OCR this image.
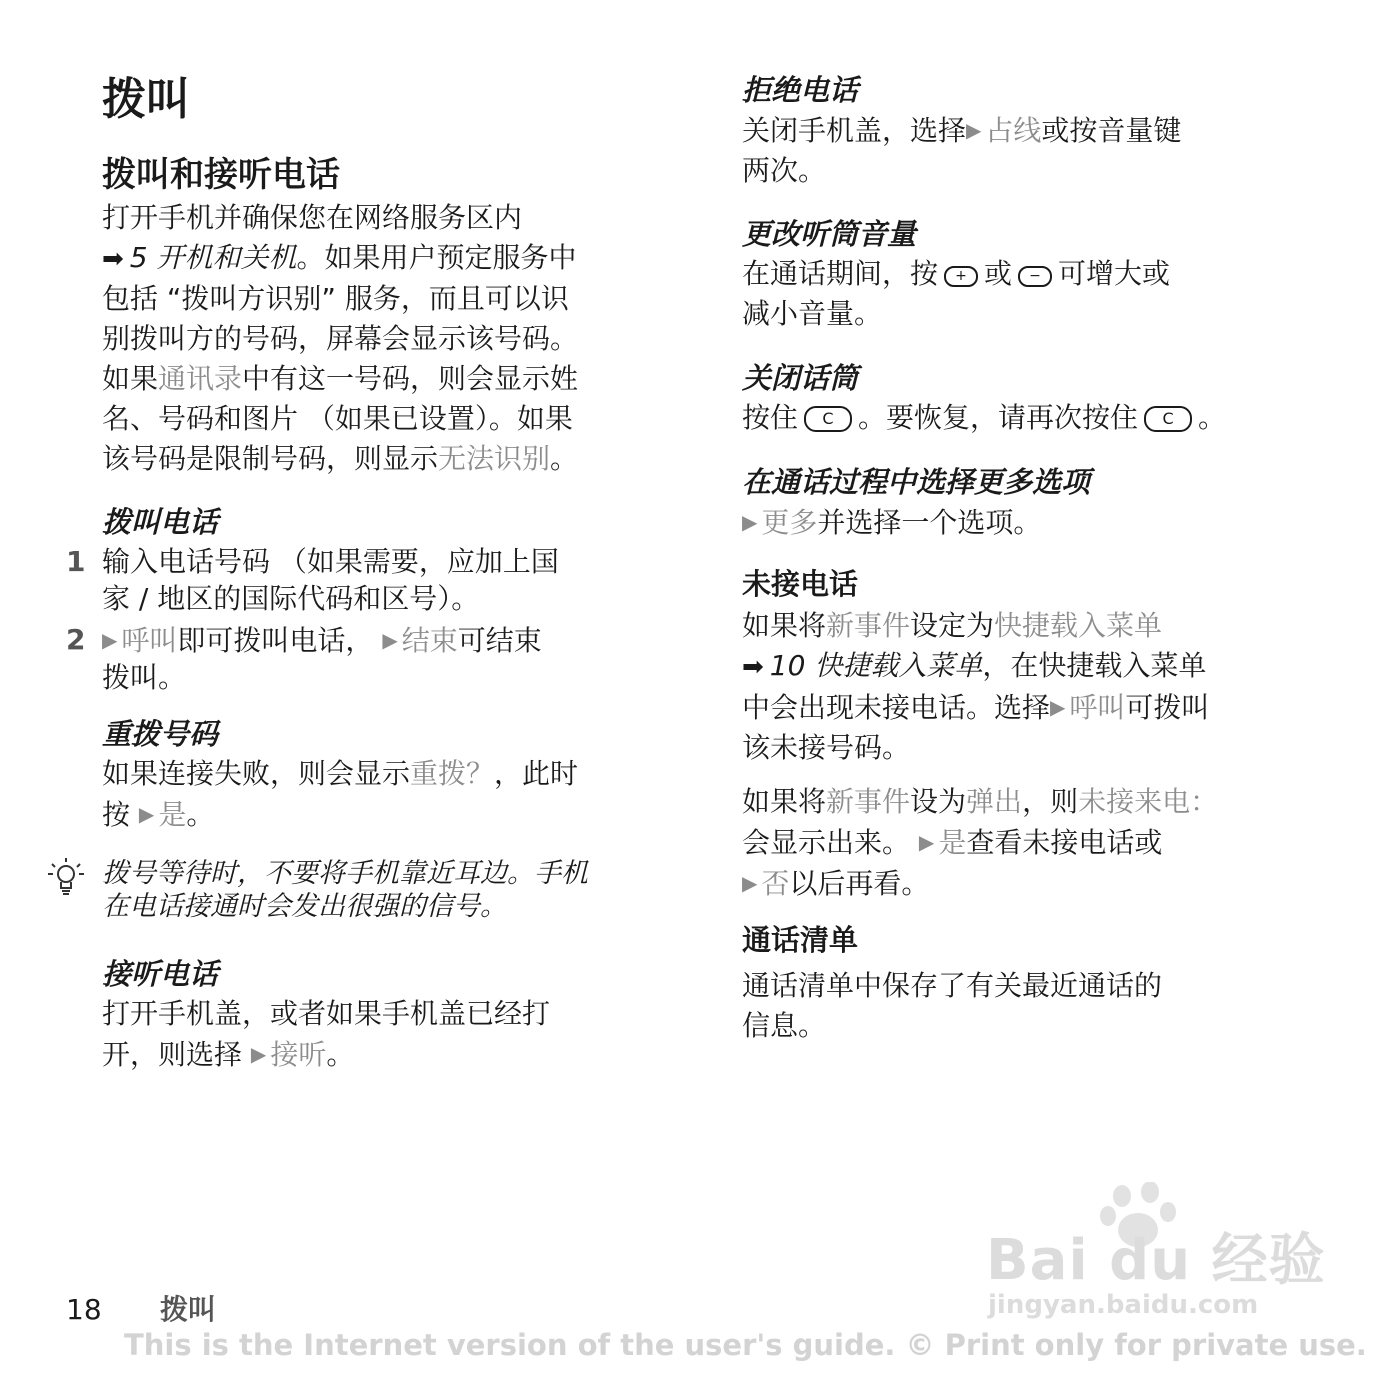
拨叫
拨叫和接听电话
打开手机并确保您在网络服务区内
➡ 5 开机和关机。如果用户预定服务中
包括 “拨叫方识别” 服务，而且可以识
别拨叫方的号码，屏幕会显示该号码。
如果通讯录中有这一号码，则会显示姓
名、号码和图片 （如果已设置）。如果
该号码是限制号码，则显示无法识别。
拨叫电话
1 输入电话号码 （如果需要，应加上国
家 / 地区的国际代码和区号）。
2 ▶ 呼叫即可拨叫电话， ▶ 结束可结束
拨叫。
重拨号码
如果连接失败，则会显示重拨？，此时
按 ▶ 是。
拨号等待时，不要将手机靠近耳边。手机
在电话接通时会发出很强的信号。
接听电话
打开手机盖，或者如果手机盖已经打
开，则选择 ▶ 接听。
拒绝电话
关闭手机盖，选择▶ 占线或按音量键
两次。
更改听筒音量
在通话期间，按 + 或 − 可增大或
减小音量。
关闭话筒
按住 C 。要恢复，请再次按住 C 。
在通话过程中选择更多选项
▶ 更多并选择一个选项。
未接电话
如果将新事件设定为快捷载入菜单
➡ 10 快捷载入菜单，在快捷载入菜单
中会出现未接电话。选择▶ 呼叫可拨叫
该未接号码。
如果将新事件设为弹出，则未接来电：
会显示出来。 ▶ 是查看未接电话或
▶ 否以后再看。
通话清单
通话清单中保存了有关最近通话的
信息。
Bai du 经验
jingyan.baidu.com
18 拨叫
This is the Internet version of the user's guide. © Print only for private use.
